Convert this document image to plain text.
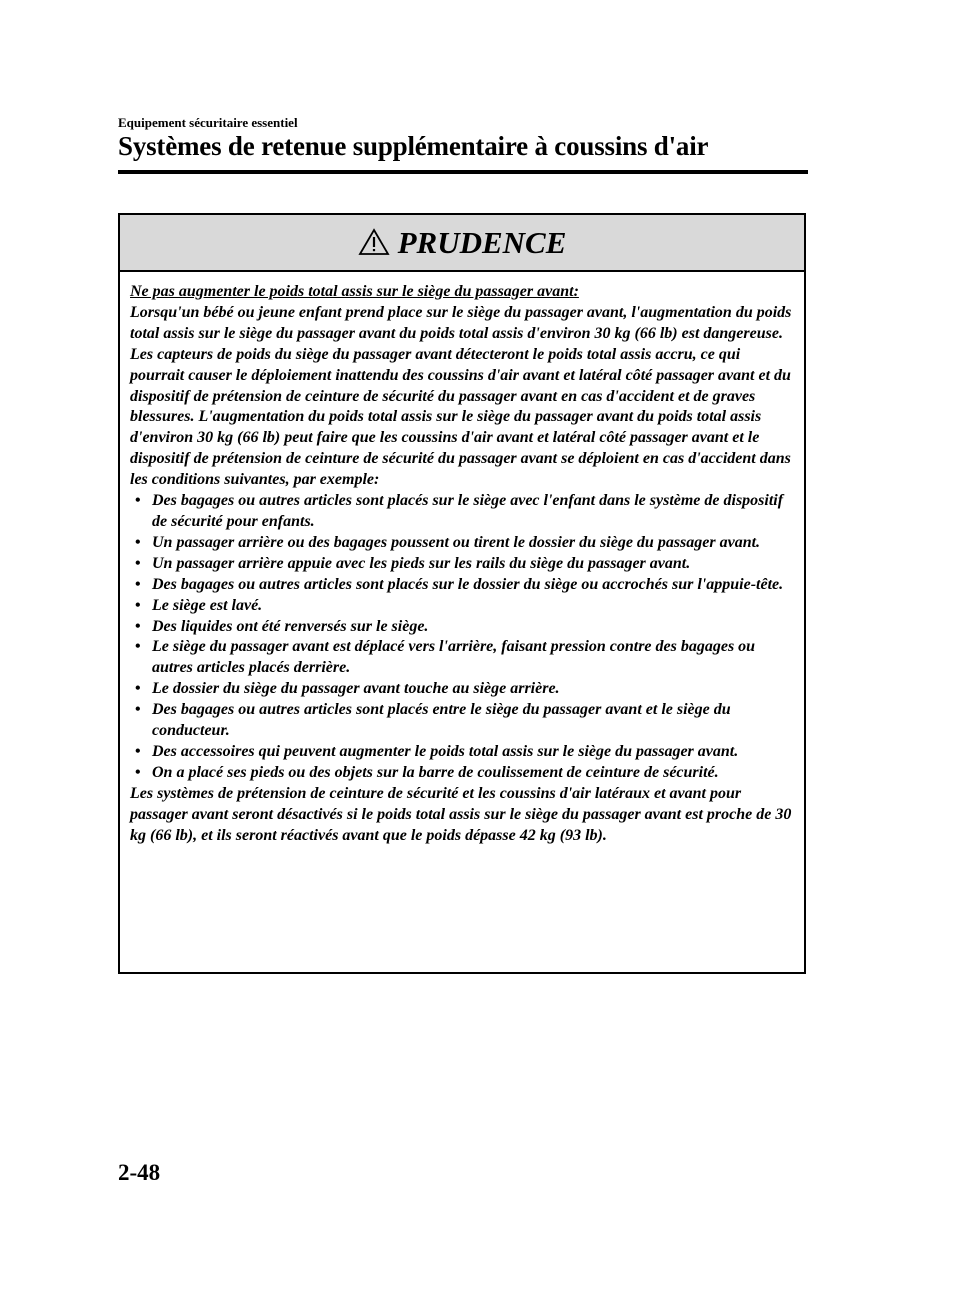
Equipement sécuritaire essentiel
Systèmes de retenue supplémentaire à coussins d'air
PRUDENCE

Ne pas augmenter le poids total assis sur le siège du passager avant:

Lorsqu'un bébé ou jeune enfant prend place sur le siège du passager avant, l'augmentation du poids total assis sur le siège du passager avant du poids total assis d'environ 30 kg (66 lb) est dangereuse. Les capteurs de poids du siège du passager avant détecteront le poids total assis accru, ce qui pourrait causer le déploiement inattendu des coussins d'air avant et latéral côté passager avant et du dispositif de prétension de ceinture de sécurité du passager avant en cas d'accident et de graves blessures. L'augmentation du poids total assis sur le siège du passager avant du poids total assis d'environ 30 kg (66 lb) peut faire que les coussins d'air avant et latéral côté passager avant et le dispositif de prétension de ceinture de sécurité du passager avant se déploient en cas d'accident dans les conditions suivantes, par exemple:

• Des bagages ou autres articles sont placés sur le siège avec l'enfant dans le système de dispositif de sécurité pour enfants.
• Un passager arrière ou des bagages poussent ou tirent le dossier du siège du passager avant.
• Un passager arrière appuie avec les pieds sur les rails du siège du passager avant.
• Des bagages ou autres articles sont placés sur le dossier du siège ou accrochés sur l'appuie-tête.
• Le siège est lavé.
• Des liquides ont été renversés sur le siège.
• Le siège du passager avant est déplacé vers l'arrière, faisant pression contre des bagages ou autres articles placés derrière.
• Le dossier du siège du passager avant touche au siège arrière.
• Des bagages ou autres articles sont placés entre le siège du passager avant et le siège du conducteur.
• Des accessoires qui peuvent augmenter le poids total assis sur le siège du passager avant.
• On a placé ses pieds ou des objets sur la barre de coulissement de ceinture de sécurité.

Les systèmes de prétension de ceinture de sécurité et les coussins d'air latéraux et avant pour passager avant seront désactivés si le poids total assis sur le siège du passager avant est proche de 30 kg (66 lb), et ils seront réactivés avant que le poids dépasse 42 kg (93 lb).

2-48
